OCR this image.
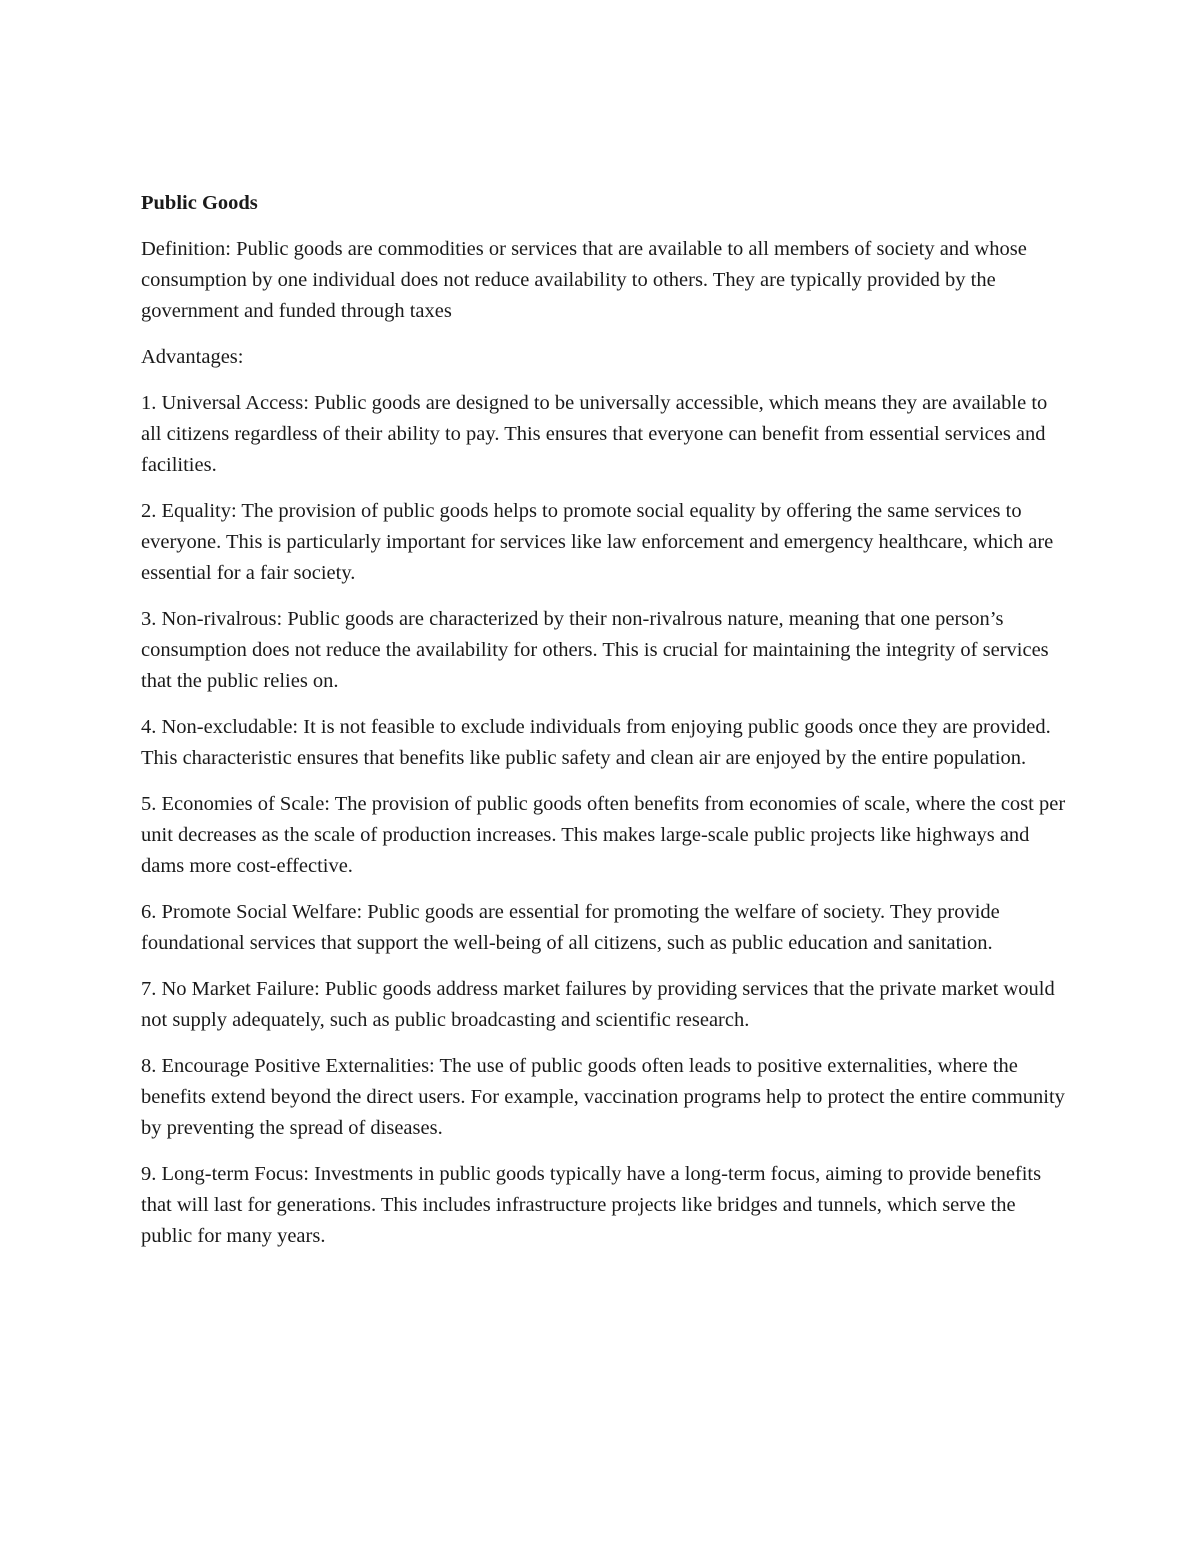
Public Goods

Definition: Public goods are commodities or services that are available to all members of society and whose consumption by one individual does not reduce availability to others. They are typically provided by the government and funded through taxes

Advantages:

1. Universal Access: Public goods are designed to be universally accessible, which means they are available to all citizens regardless of their ability to pay. This ensures that everyone can benefit from essential services and facilities.

2. Equality: The provision of public goods helps to promote social equality by offering the same services to everyone. This is particularly important for services like law enforcement and emergency healthcare, which are essential for a fair society.

3. Non-rivalrous: Public goods are characterized by their non-rivalrous nature, meaning that one person’s consumption does not reduce the availability for others. This is crucial for maintaining the integrity of services that the public relies on.

4. Non-excludable: It is not feasible to exclude individuals from enjoying public goods once they are provided. This characteristic ensures that benefits like public safety and clean air are enjoyed by the entire population.

5. Economies of Scale: The provision of public goods often benefits from economies of scale, where the cost per unit decreases as the scale of production increases. This makes large-scale public projects like highways and dams more cost-effective.

6. Promote Social Welfare: Public goods are essential for promoting the welfare of society. They provide foundational services that support the well-being of all citizens, such as public education and sanitation.

7. No Market Failure: Public goods address market failures by providing services that the private market would not supply adequately, such as public broadcasting and scientific research.

8. Encourage Positive Externalities: The use of public goods often leads to positive externalities, where the benefits extend beyond the direct users. For example, vaccination programs help to protect the entire community by preventing the spread of diseases.

9. Long-term Focus: Investments in public goods typically have a long-term focus, aiming to provide benefits that will last for generations. This includes infrastructure projects like bridges and tunnels, which serve the public for many years.
